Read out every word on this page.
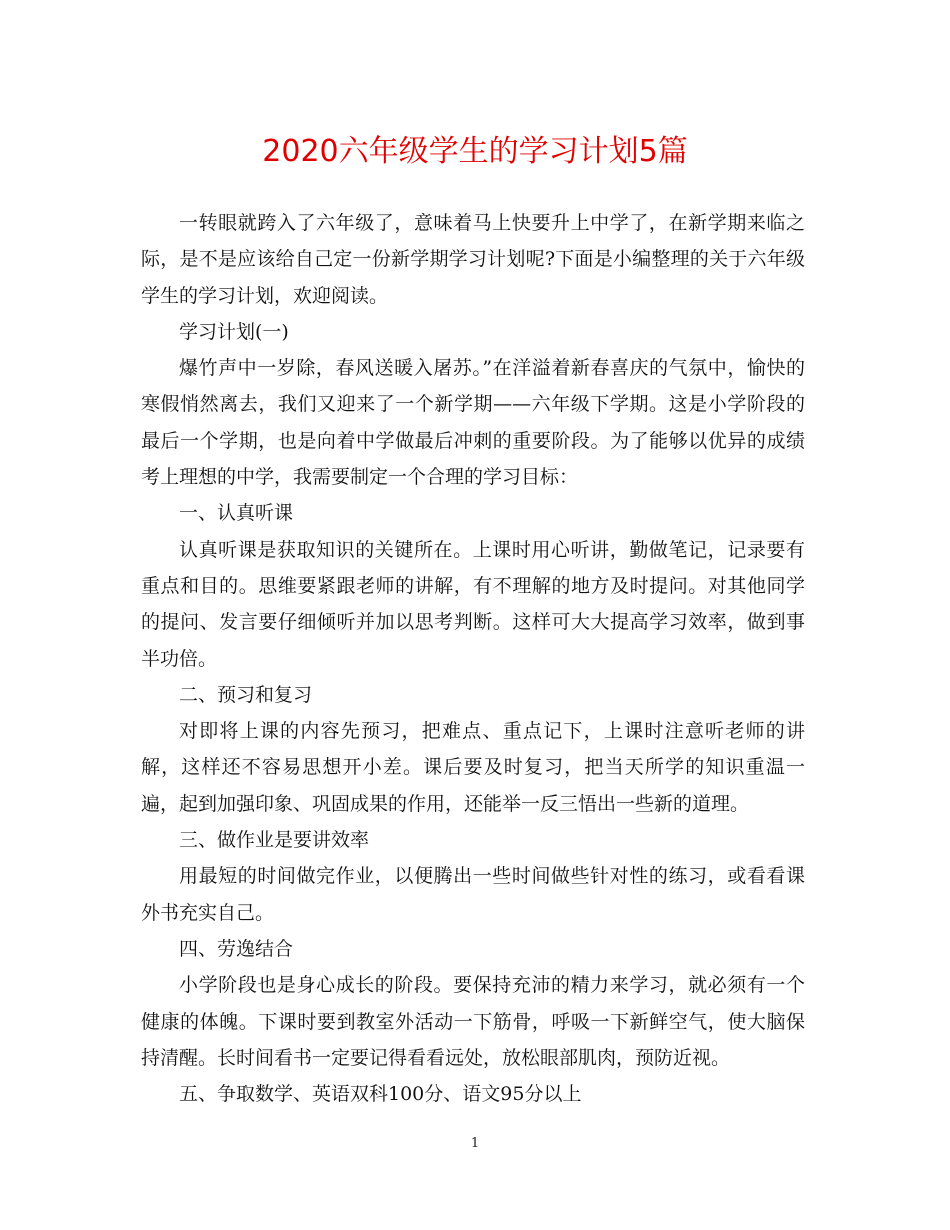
2020六年级学生的学习计划5篇

一转眼就跨入了六年级了，意味着马上快要升上中学了，在新学期来临之际，是不是应该给自己定一份新学期学习计划呢?下面是小编整理的关于六年级学生的学习计划，欢迎阅读。

学习计划(一)

爆竹声中一岁除，春风送暖入屠苏。”在洋溢着新春喜庆的气氛中，愉快的寒假悄然离去，我们又迎来了一个新学期——六年级下学期。这是小学阶段的最后一个学期，也是向着中学做最后冲刺的重要阶段。为了能够以优异的成绩考上理想的中学，我需要制定一个合理的学习目标：

一、认真听课

认真听课是获取知识的关键所在。上课时用心听讲，勤做笔记，记录要有重点和目的。思维要紧跟老师的讲解，有不理解的地方及时提问。对其他同学的提问、发言要仔细倾听并加以思考判断。这样可大大提高学习效率，做到事半功倍。

二、预习和复习

对即将上课的内容先预习，把难点、重点记下，上课时注意听老师的讲解，这样还不容易思想开小差。课后要及时复习，把当天所学的知识重温一遍，起到加强印象、巩固成果的作用，还能举一反三悟出一些新的道理。

三、做作业是要讲效率

用最短的时间做完作业，以便腾出一些时间做些针对性的练习，或看看课外书充实自己。

四、劳逸结合

小学阶段也是身心成长的阶段。要保持充沛的精力来学习，就必须有一个健康的体魄。下课时要到教室外活动一下筋骨，呼吸一下新鲜空气，使大脑保持清醒。长时间看书一定要记得看看远处，放松眼部肌肉，预防近视。

五、争取数学、英语双科100分、语文95分以上

1
